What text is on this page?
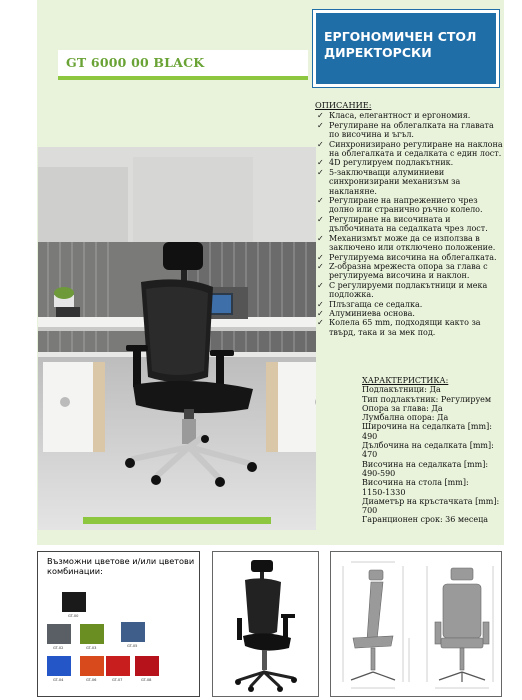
GT 6000 00 BLACK
ЕРГОНОМИЧЕН СТОЛ ДИРЕКТОРСКИ
ОПИСАНИЕ:
✓ Класа, елегантност и ергономия.
✓ Регулиране на облегалката на главата по височина и ъгъл.
✓ Синхронизирано регулиране на наклона на облегалката и седалката с един лост.
✓ 4D регулируем подлакътник.
✓ 5-заключващи алуминиеви синхронизирани механизъм за накланяне.
✓ Регулиране на напрежението чрез долно или странично ръчно колело.
✓ Регулиране на височината и дълбочината на седалката чрез лост.
✓ Механизмът може да се използва в заключено или отключено положение.
✓ Регулируема височина на облегалката.
✓ Z-образна мрежеста опора за глава с регулируема височина и наклон.
✓ С регулируеми подлакътници и мека подложка.
✓ Плъзгаща се седалка.
✓ Алуминиева основа.
✓ Колела 65 mm, подходящи както за твърд, така и за мек под.
ХАРАКТЕРИСТИКА:
Подлакътници: Да
Тип подлакътник: Регулируем
Опора за глава: Да
Лумбална опора: Да
Широчина на седалката [mm]:
490
Дълбочина на седалката [mm]:
470
Височина на седалката [mm]:
490-590
Височина на стола [mm]:
1150-1330
Диаметър на кръстачката [mm]:
700
Гаранционен срок: 36 месеца
Възможни цветове и/или цветови комбинации:
GT-00
GT-02	GT-03	GT-05
GT-04	GT-06	GT-07	GT-08
